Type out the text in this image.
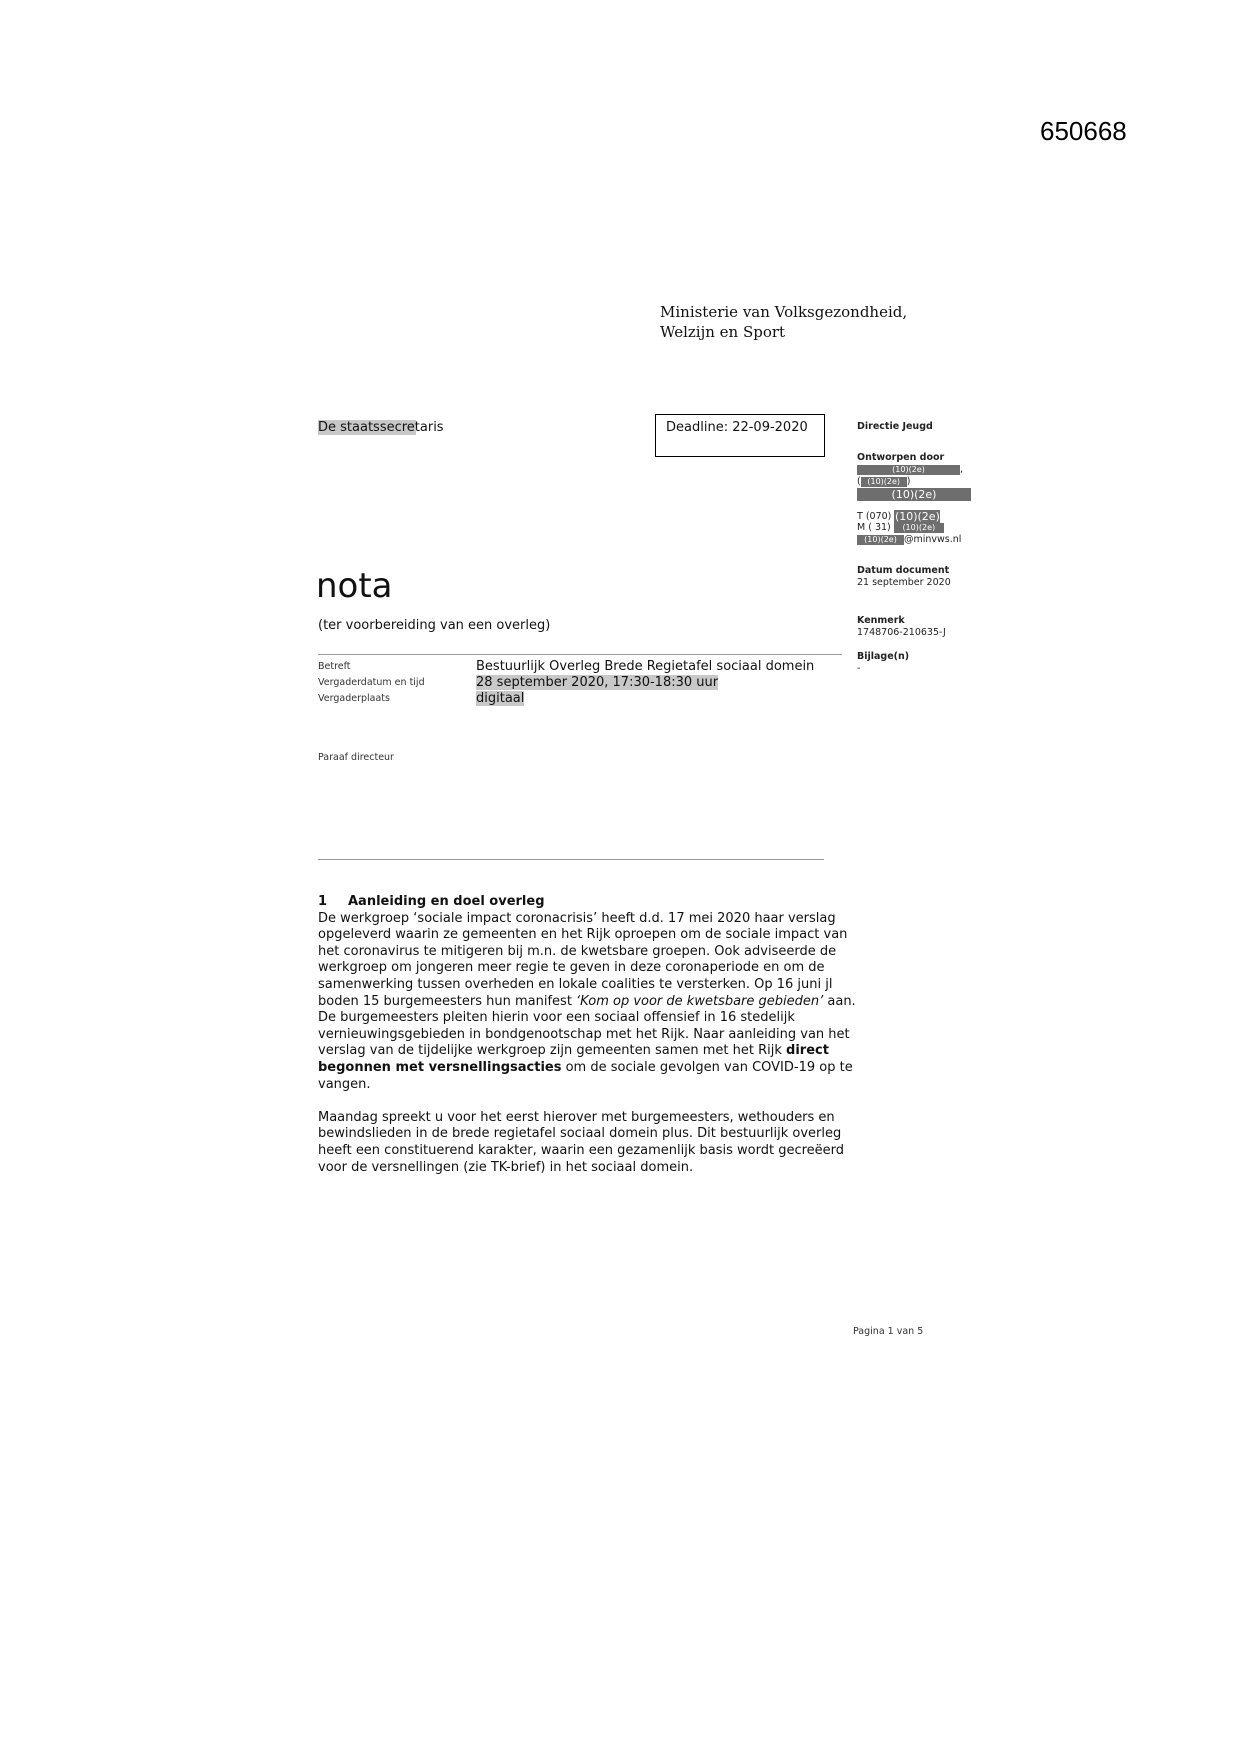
650668
Ministerie van Volksgezondheid,
Welzijn en Sport
De staatssecretaris	Deadline: 22-09-2020	Directie Jeugd
Ontworpen door
(10)(2e)	,
( (10)(2e) )
(10)(2e)
T (070) (10)(2e)
M ( 31) (10)(2e)
(10)(2e) @minvws.nl
Datum document
21 september 2020
Kenmerk
1748706-210635-J
Bijlage(n)
-
nota
(ter voorbereiding van een overleg)
Betreft	Bestuurlijk Overleg Brede Regietafel sociaal domein
Vergaderdatum en tijd	28 september 2020, 17:30-18:30 uur
Vergaderplaats	digitaal
Paraaf directeur
1 Aanleiding en doel overleg

De werkgroep ‘sociale impact coronacrisis’ heeft d.d. 17 mei 2020 haar verslag
opgeleverd waarin ze gemeenten en het Rijk oproepen om de sociale impact van
het coronavirus te mitigeren bij m.n. de kwetsbare groepen. Ook adviseerde de
werkgroep om jongeren meer regie te geven in deze coronaperiode en om de
samenwerking tussen overheden en lokale coalities te versterken. Op 16 juni jl
boden 15 burgemeesters hun manifest ‘Kom op voor de kwetsbare gebieden’ aan.
De burgemeesters pleiten hierin voor een sociaal offensief in 16 stedelijk
vernieuwingsgebieden in bondgenootschap met het Rijk. Naar aanleiding van het
verslag van de tijdelijke werkgroep zijn gemeenten samen met het Rijk direct
begonnen met versnellingsacties om de sociale gevolgen van COVID-19 op te
vangen.

Maandag spreekt u voor het eerst hierover met burgemeesters, wethouders en
bewindslieden in de brede regietafel sociaal domein plus. Dit bestuurlijk overleg
heeft een constituerend karakter, waarin een gezamenlijk basis wordt gecreëerd
voor de versnellingen (zie TK-brief) in het sociaal domein.

Pagina 1 van 5
